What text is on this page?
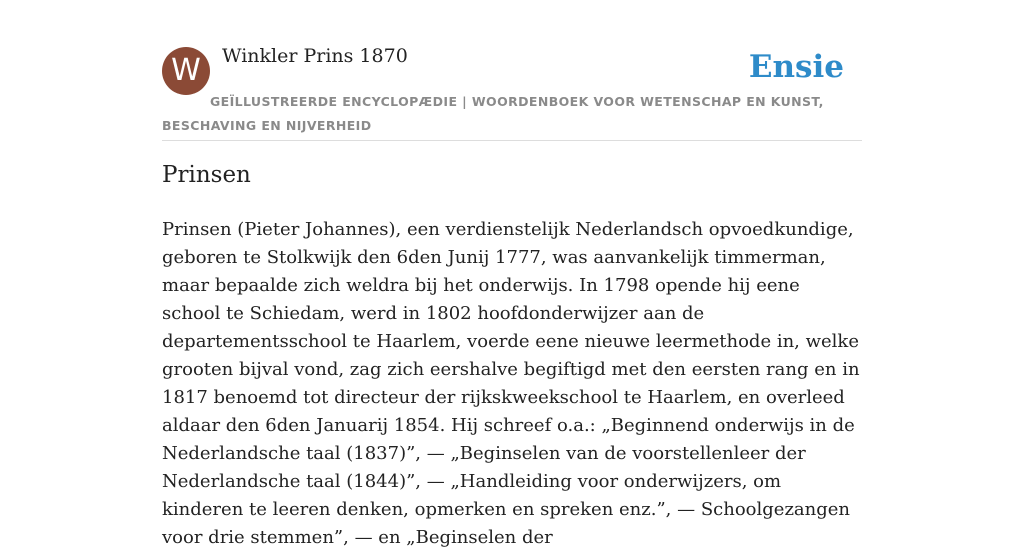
W	Winkler Prins 1870
GEÏLLUSTREERDE ENCYCLOPÆDIE | WOORDENBOEK VOOR WETENSCHAP EN KUNST, BESCHAVING EN NIJVERHEID
Ensie
Prinsen

Prinsen (Pieter Johannes), een verdienstelijk Nederlandsch opvoedkundige, geboren te Stolkwijk den 6den Junij 1777, was aanvankelijk timmerman, maar bepaalde zich weldra bij het onderwijs. In 1798 opende hij eene school te Schiedam, werd in 1802 hoofdonderwijzer aan de departementsschool te Haarlem, voerde eene nieuwe leermethode in, welke grooten bijval vond, zag zich eershalve begiftigd met den eersten rang en in 1817 benoemd tot directeur der rijkskweekschool te Haarlem, en overleed aldaar den 6den Januarij 1854. Hij schreef o.a.: „Beginnend onderwijs in de Nederlandsche taal (1837)”, — „Beginselen van de voorstellenleer der Nederlandsche taal (1844)”, — „Handleiding voor onderwijzers, om kinderen te leeren denken, opmerken en spreken enz.”, — Schoolgezangen voor drie stemmen”, — en „Beginselen der
